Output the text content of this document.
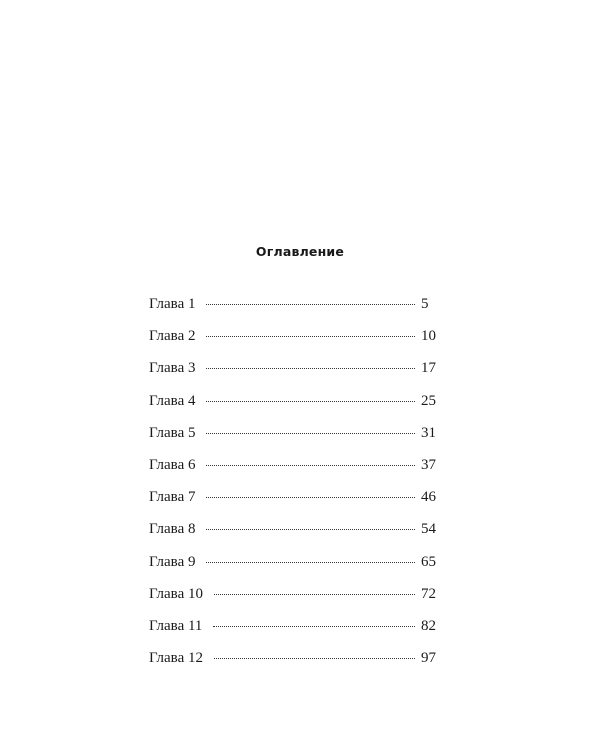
Оглавление
Глава 1	5
Глава 2	10
Глава 3	17
Глава 4	25
Глава 5	31
Глава 6	37
Глава 7	46
Глава 8	54
Глава 9	65
Глава 10	72
Глава 11	82
Глава 12	97
